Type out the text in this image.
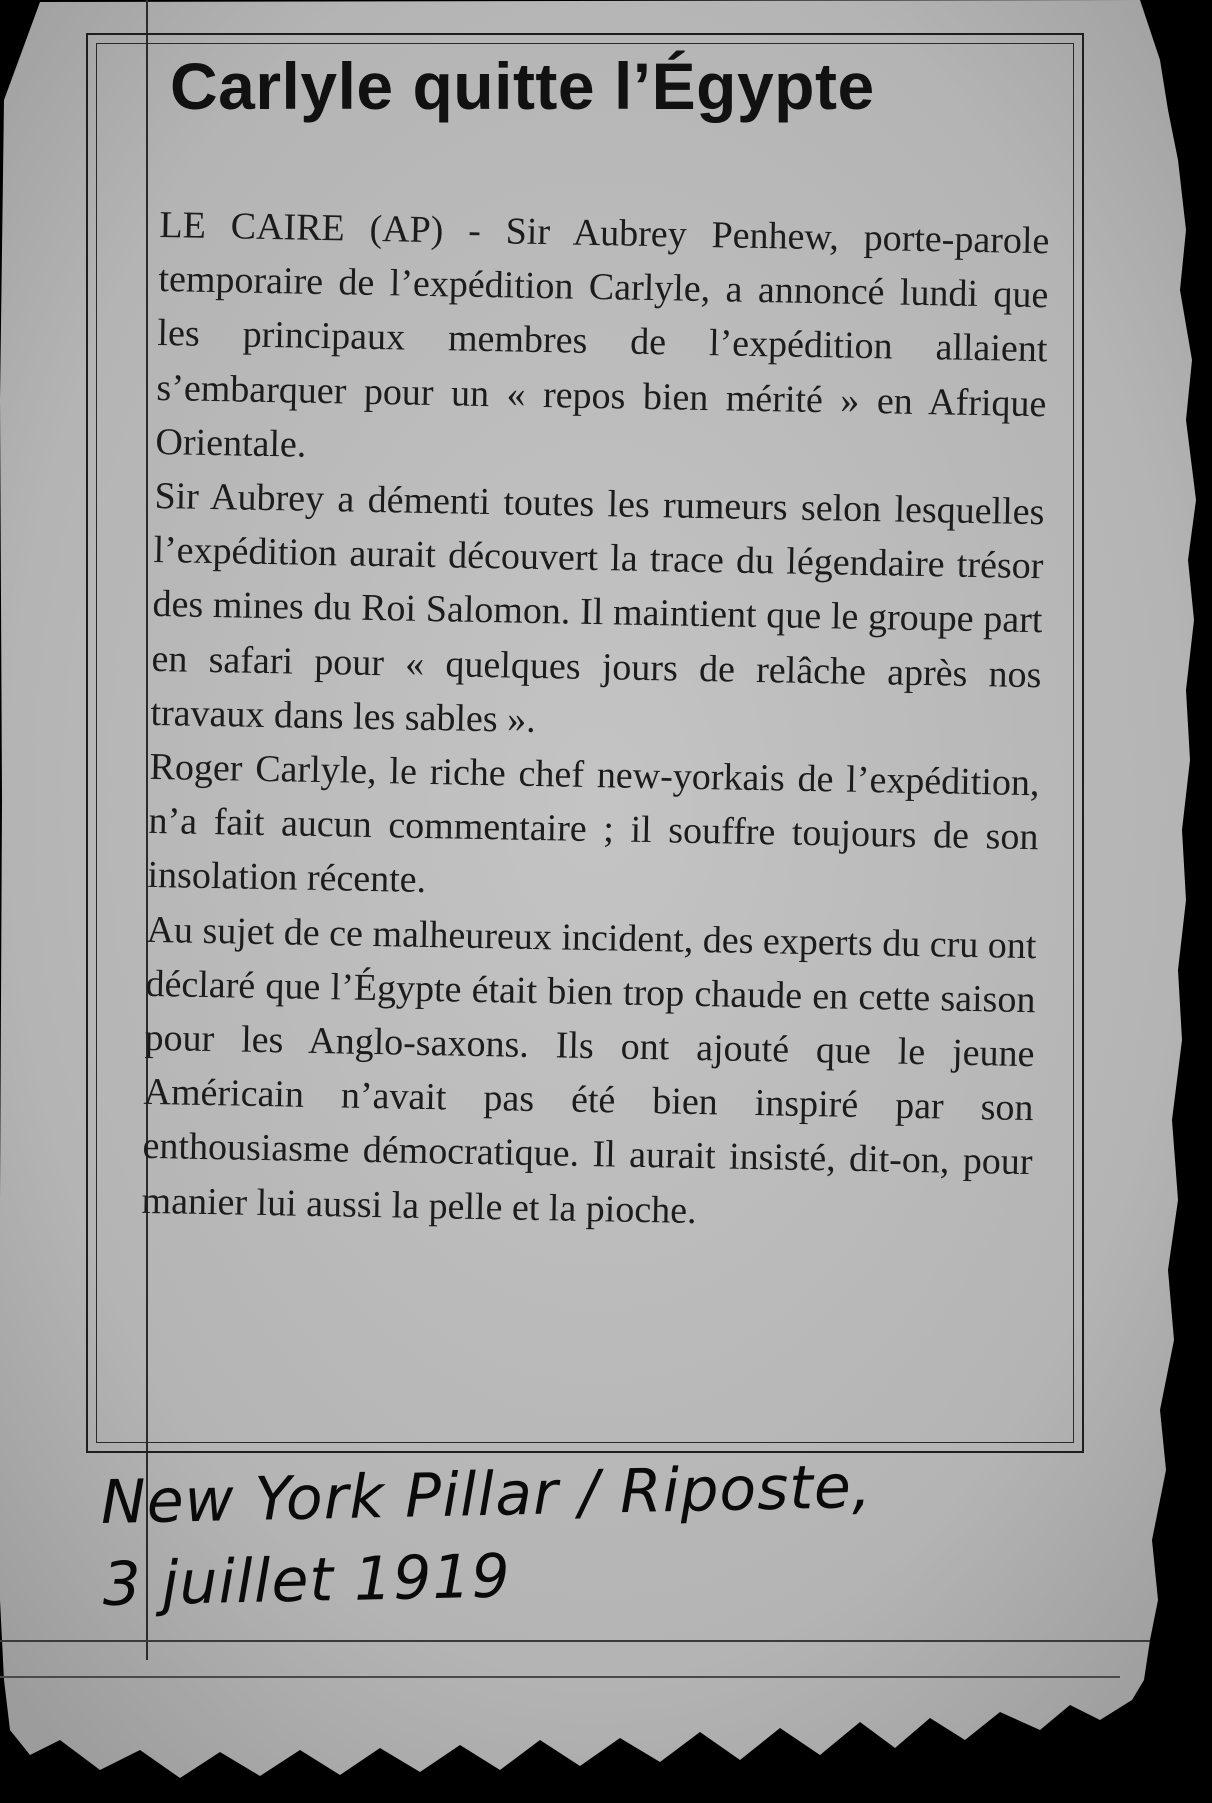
Carlyle quitte l’Égypte

LE CAIRE (AP) - Sir Aubrey Penhew, porte-parole temporaire de l’expédition Carlyle, a annoncé lundi que les principaux membres de l’expédition allaient s’embarquer pour un « repos bien mérité » en Afrique Orientale.

Sir Aubrey a démenti toutes les rumeurs selon lesquelles l’expédition aurait découvert la trace du légendaire trésor des mines du Roi Salomon. Il maintient que le groupe part en safari pour « quelques jours de relâche après nos travaux dans les sables ».

Roger Carlyle, le riche chef new-yorkais de l’expédition, n’a fait aucun commentaire ; il souffre toujours de son insolation récente.

Au sujet de ce malheureux incident, des experts du cru ont déclaré que l’Égypte était bien trop chaude en cette saison pour les Anglo-saxons. Ils ont ajouté que le jeune Américain n’avait pas été bien inspiré par son enthousiasme démocratique. Il aurait insisté, dit-on, pour manier lui aussi la pelle et la pioche.

New York Pillar / Riposte,
3 juillet 1919
